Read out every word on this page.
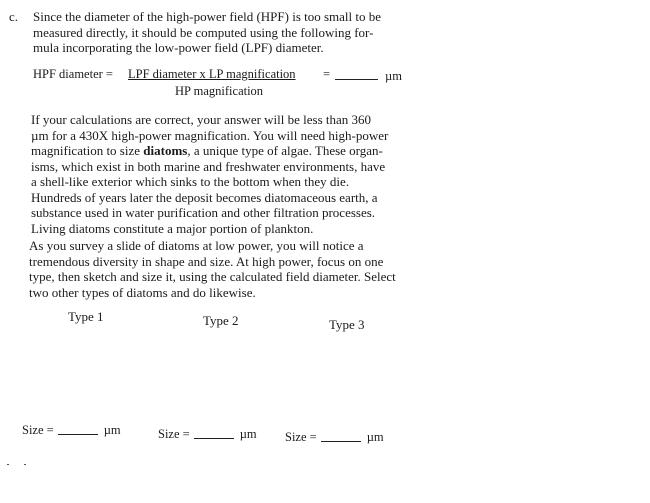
c. Since the diameter of the high-power field (HPF) is too small to be
measured directly, it should be computed using the following for-
mula incorporating the low-power field (LPF) diameter.
HPF diameter = LPF diameter x LP magnification =	µm
HP magnification
If your calculations are correct, your answer will be less than 360
µm for a 430X high-power magnification. You will need high-power
magnification to size diatoms, a unique type of algae. These organ-
isms, which exist in both marine and freshwater environments, have
a shell-like exterior which sinks to the bottom when they die.
Hundreds of years later the deposit becomes diatomaceous earth, a
substance used in water purification and other filtration processes.
Living diatoms constitute a major portion of plankton.
As you survey a slide of diatoms at low power, you will notice a
tremendous diversity in shape and size. At high power, focus on one
type, then sketch and size it, using the calculated field diameter. Select
two other types of diatoms and do likewise.
Type 1	Type 2	Type 3
Size =	µm	Size =	µm Size =	µm
